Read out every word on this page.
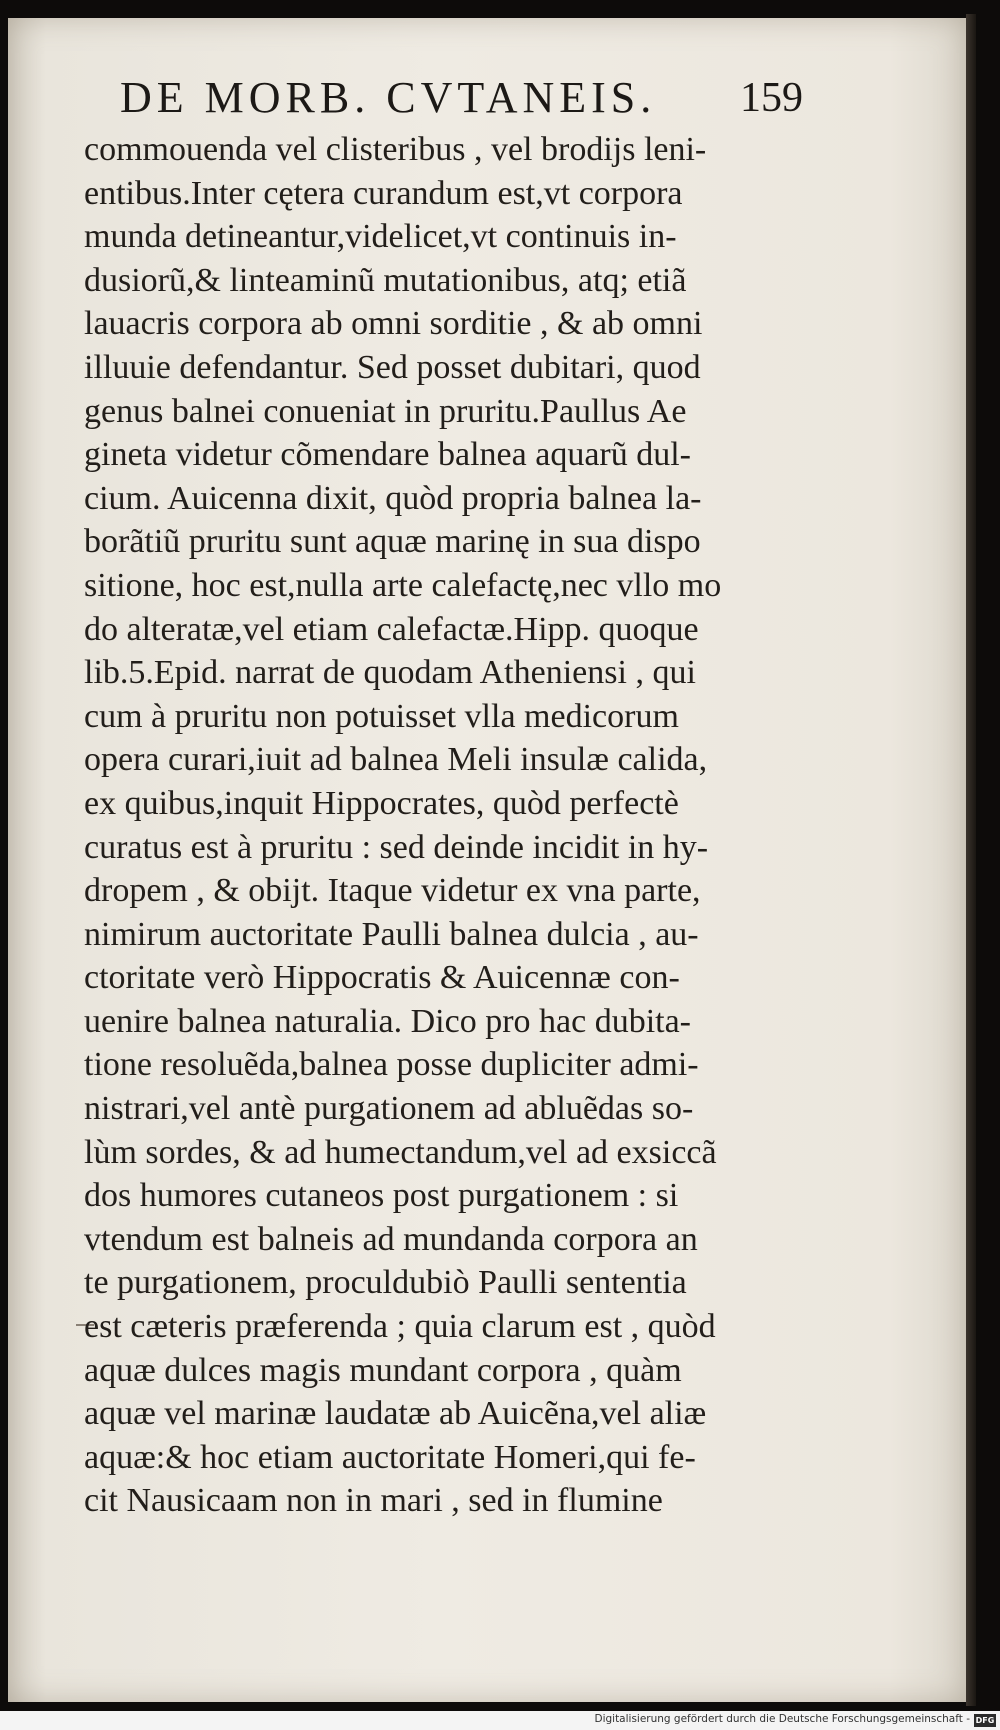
DE MORB. CVTANEIS. 159
commouenda vel clisteribus , vel brodijs leni-
entibus.Inter cętera curandum est,vt corpora
munda detineantur,videlicet,vt continuis in-
dusiorũ,& linteaminũ mutationibus, atq; etiã
lauacris corpora ab omni sorditie , & ab omni
illuuie defendantur. Sed posset dubitari, quod
genus balnei conueniat in pruritu.Paullus Ae
gineta videtur cõmendare balnea aquarũ dul-
cium. Auicenna dixit, quòd propria balnea la-
borãtiũ pruritu sunt aquæ marinę in sua dispo
sitione, hoc est,nulla arte calefactę,nec vllo mo
do alteratæ,vel etiam calefactæ.Hipp. quoque
lib.5.Epid. narrat de quodam Atheniensi , qui
cum à pruritu non potuisset vlla medicorum
opera curari,iuit ad balnea Meli insulæ calida,
ex quibus,inquit Hippocrates, quòd perfectè
curatus est à pruritu : sed deinde incidit in hy-
dropem , & obijt. Itaque videtur ex vna parte,
nimirum auctoritate Paulli balnea dulcia , au-
ctoritate verò Hippocratis & Auicennæ con-
uenire balnea naturalia. Dico pro hac dubita-
tione resoluẽda,balnea posse dupliciter admi-
nistrari,vel antè purgationem ad abluẽdas so-
lùm sordes, & ad humectandum,vel ad exsiccã
dos humores cutaneos post purgationem : si
vtendum est balneis ad mundanda corpora an
te purgationem, proculdubiò Paulli sententia
est cæteris præferenda ; quia clarum est , quòd
aquæ dulces magis mundant corpora , quàm
aquæ vel marinæ laudatæ ab Auicẽna,vel aliæ
aquæ:& hoc etiam auctoritate Homeri,qui fe-
cit Nausicaam non in mari , sed in flumine
Digitalisierung gefördert durch die Deutsche Forschungsgemeinschaft - DFG
